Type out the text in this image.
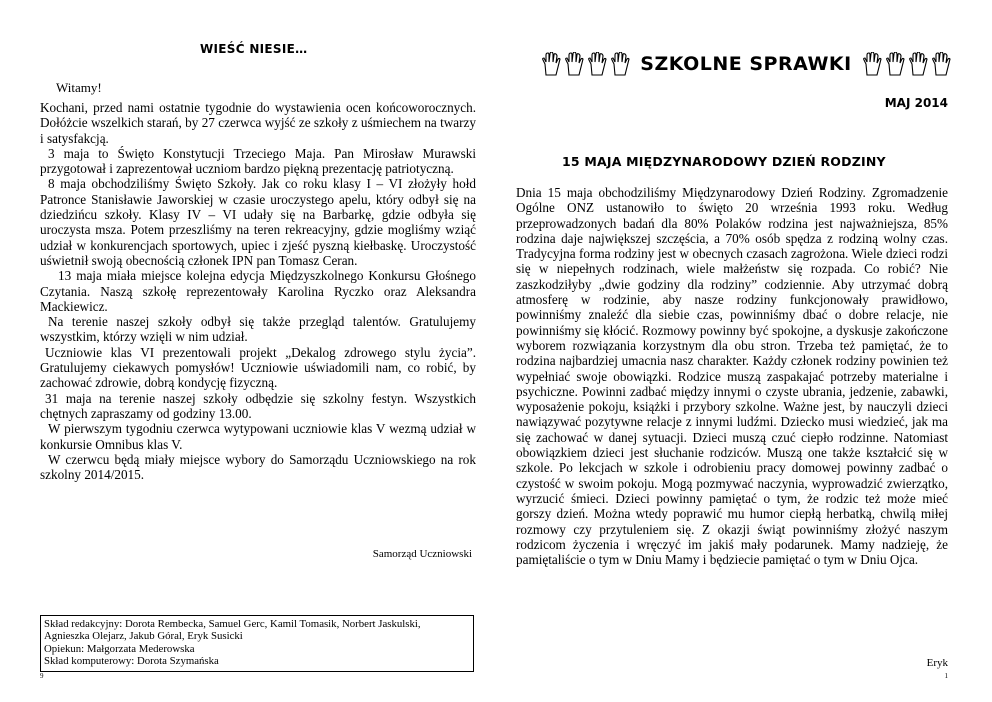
WIEŚĆ NIESIE…
Witamy!

Kochani, przed nami ostatnie tygodnie do wystawienia ocen końcoworocznych. Dołóżcie wszelkich starań, by 27 czerwca wyjść ze szkoły z uśmiechem na twarzy i satysfakcją.

3 maja to Święto Konstytucji Trzeciego Maja. Pan Mirosław Murawski przygotował i zaprezentował uczniom bardzo piękną prezentację patriotyczną.

8 maja obchodziliśmy Święto Szkoły. Jak co roku klasy I – VI złożyły hołd Patronce Stanisławie Jaworskiej w czasie uroczystego apelu, który odbył się na dziedzińcu szkoły. Klasy IV – VI udały się na Barbarkę, gdzie odbyła się uroczysta msza. Potem przeszliśmy na teren rekreacyjny, gdzie mogliśmy wziąć udział w konkurencjach sportowych, upiec i zjeść pyszną kiełbaskę. Uroczystość uświetnił swoją obecnością członek IPN pan Tomasz Ceran.

13 maja miała miejsce kolejna edycja Międzyszkolnego Konkursu Głośnego Czytania. Naszą szkołę reprezentowały Karolina Ryczko oraz Aleksandra Mackiewicz.

Na terenie naszej szkoły odbył się także przegląd talentów. Gratulujemy wszystkim, którzy wzięli w nim udział.

Uczniowie klas VI prezentowali projekt „Dekalog zdrowego stylu życia”. Gratulujemy ciekawych pomysłów! Uczniowie uświadomili nam, co robić, by zachować zdrowie, dobrą kondycję fizyczną.

31 maja na terenie naszej szkoły odbędzie się szkolny festyn. Wszystkich chętnych zapraszamy od godziny 13.00.

W pierwszym tygodniu czerwca wytypowani uczniowie klas V wezmą udział w konkursie Omnibus klas V.

W czerwcu będą miały miejsce wybory do Samorządu Uczniowskiego na rok szkolny 2014/2015.

Samorząd Uczniowski
Skład redakcyjny: Dorota Rembecka, Samuel Gerc, Kamil Tomasik, Norbert Jaskulski,
Agnieszka Olejarz, Jakub Góral, Eryk Susicki
Opiekun: Małgorzata Mederowska
Skład komputerowy: Dorota Szymańska
9
SZKOLNE SPRAWKI
MAJ 2014
15 MAJA MIĘDZYNARODOWY DZIEŃ RODZINY

Dnia 15 maja obchodziliśmy Międzynarodowy Dzień Rodziny. Zgromadzenie Ogólne ONZ ustanowiło to święto 20 września 1993 roku. Według przeprowadzonych badań dla 80% Polaków rodzina jest najważniejsza, 85% rodzina daje największej szczęścia, a 70% osób spędza z rodziną wolny czas. Tradycyjna forma rodziny jest w obecnych czasach zagrożona. Wiele dzieci rodzi się w niepełnych rodzinach, wiele małżeństw się rozpada. Co robić? Nie zaszkodziłyby „dwie godziny dla rodziny” codziennie. Aby utrzymać dobrą atmosferę w rodzinie, aby nasze rodziny funkcjonowały prawidłowo, powinniśmy znaleźć dla siebie czas, powinniśmy dbać o dobre relacje, nie powinniśmy się kłócić. Rozmowy powinny być spokojne, a dyskusje zakończone wyborem rozwiązania korzystnym dla obu stron. Trzeba też pamiętać, że to rodzina najbardziej umacnia nasz charakter. Każdy członek rodziny powinien też wypełniać swoje obowiązki. Rodzice muszą zaspakajać potrzeby materialne i psychiczne. Powinni zadbać między innymi o czyste ubrania, jedzenie, zabawki, wyposażenie pokoju, książki i przybory szkolne. Ważne jest, by nauczyli dzieci nawiązywać pozytywne relacje z innymi ludźmi. Dziecko musi wiedzieć, jak ma się zachować w danej sytuacji. Dzieci muszą czuć ciepło rodzinne. Natomiast obowiązkiem dzieci jest słuchanie rodziców. Muszą one także kształcić się w szkole. Po lekcjach w szkole i odrobieniu pracy domowej powinny zadbać o czystość w swoim pokoju. Mogą pozmywać naczynia, wyprowadzić zwierzątko, wyrzucić śmieci. Dzieci powinny pamiętać o tym, że rodzic też może mieć gorszy dzień. Można wtedy poprawić mu humor ciepłą herbatką, chwilą miłej rozmowy czy przytuleniem się. Z okazji świąt powinniśmy złożyć naszym rodzicom życzenia i wręczyć im jakiś mały podarunek. Mamy nadzieję, że pamiętaliście o tym w Dniu Mamy i będziecie pamiętać o tym w Dniu Ojca.

Eryk
1
